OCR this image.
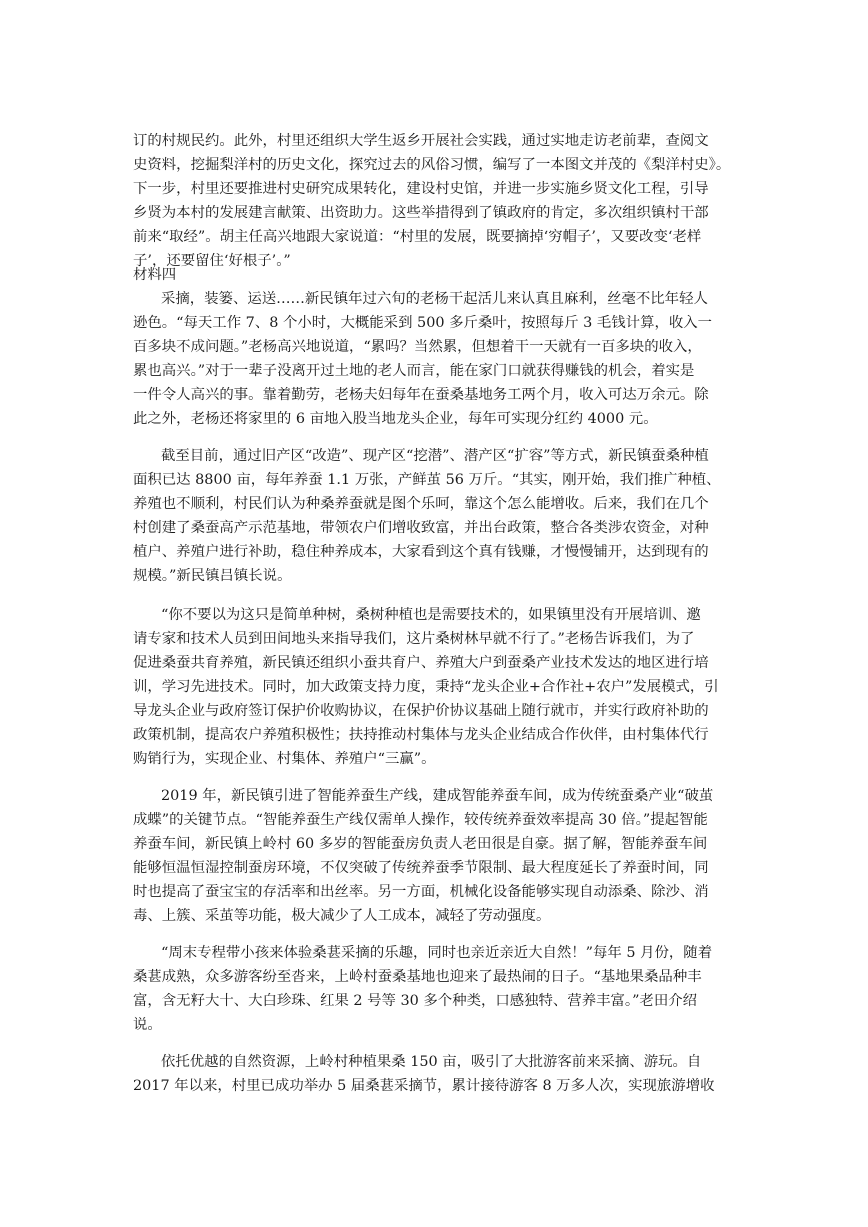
订的村规民约。此外，村里还组织大学生返乡开展社会实践，通过实地走访老前辈，查阅文
史资料，挖掘梨洋村的历史文化，探究过去的风俗习惯，编写了一本图文并茂的《梨洋村史》。
下一步，村里还要推进村史研究成果转化，建设村史馆，并进一步实施乡贤文化工程，引导
乡贤为本村的发展建言献策、出资助力。这些举措得到了镇政府的肯定，多次组织镇村干部
前来“取经”。胡主任高兴地跟大家说道：“村里的发展，既要摘掉‘穷帽子’，又要改变‘老样
子’，还要留住‘好根子’。”
材料四
采摘，装篓、运送……新民镇年过六旬的老杨干起活儿来认真且麻利，丝毫不比年轻人
逊色。“每天工作 7、8 个小时，大概能采到 500 多斤桑叶，按照每斤 3 毛钱计算，收入一
百多块不成问题。”老杨高兴地说道，“累吗？当然累，但想着干一天就有一百多块的收入，
累也高兴。”对于一辈子没离开过土地的老人而言，能在家门口就获得赚钱的机会，着实是
一件令人高兴的事。靠着勤劳，老杨夫妇每年在蚕桑基地务工两个月，收入可达万余元。除
此之外，老杨还将家里的 6 亩地入股当地龙头企业，每年可实现分红约 4000 元。
截至目前，通过旧产区“改造”、现产区“挖潜”、潜产区“扩容”等方式，新民镇蚕桑种植
面积已达 8800 亩，每年养蚕 1.1 万张，产鲜茧 56 万斤。“其实，刚开始，我们推广种植、
养殖也不顺利，村民们认为种桑养蚕就是图个乐呵，靠这个怎么能增收。后来，我们在几个
村创建了桑蚕高产示范基地，带领农户们增收致富，并出台政策，整合各类涉农资金，对种
植户、养殖户进行补助，稳住种养成本，大家看到这个真有钱赚，才慢慢铺开，达到现有的
规模。”新民镇吕镇长说。
“你不要以为这只是简单种树，桑树种植也是需要技术的，如果镇里没有开展培训、邀
请专家和技术人员到田间地头来指导我们，这片桑树林早就不行了。”老杨告诉我们，为了
促进桑蚕共育养殖，新民镇还组织小蚕共育户、养殖大户到蚕桑产业技术发达的地区进行培
训，学习先进技术。同时，加大政策支持力度，秉持“龙头企业+合作社+农户”发展模式，引
导龙头企业与政府签订保护价收购协议，在保护价协议基础上随行就市，并实行政府补助的
政策机制，提高农户养殖积极性；扶持推动村集体与龙头企业结成合作伙伴，由村集体代行
购销行为，实现企业、村集体、养殖户“三赢”。
2019 年，新民镇引进了智能养蚕生产线，建成智能养蚕车间，成为传统蚕桑产业“破茧
成蝶”的关键节点。“智能养蚕生产线仅需单人操作，较传统养蚕效率提高 30 倍。”提起智能
养蚕车间，新民镇上岭村 60 多岁的智能蚕房负责人老田很是自豪。据了解，智能养蚕车间
能够恒温恒湿控制蚕房环境，不仅突破了传统养蚕季节限制、最大程度延长了养蚕时间，同
时也提高了蚕宝宝的存活率和出丝率。另一方面，机械化设备能够实现自动添桑、除沙、消
毒、上簇、采茧等功能，极大减少了人工成本，减轻了劳动强度。
“周末专程带小孩来体验桑葚采摘的乐趣，同时也亲近亲近大自然！”每年 5 月份，随着
桑葚成熟，众多游客纷至沓来，上岭村蚕桑基地也迎来了最热闹的日子。“基地果桑品种丰
富，含无籽大十、大白珍珠、红果 2 号等 30 多个种类，口感独特、营养丰富。”老田介绍
说。
依托优越的自然资源，上岭村种植果桑 150 亩，吸引了大批游客前来采摘、游玩。自
2017 年以来，村里已成功举办 5 届桑葚采摘节，累计接待游客 8 万多人次，实现旅游增收
